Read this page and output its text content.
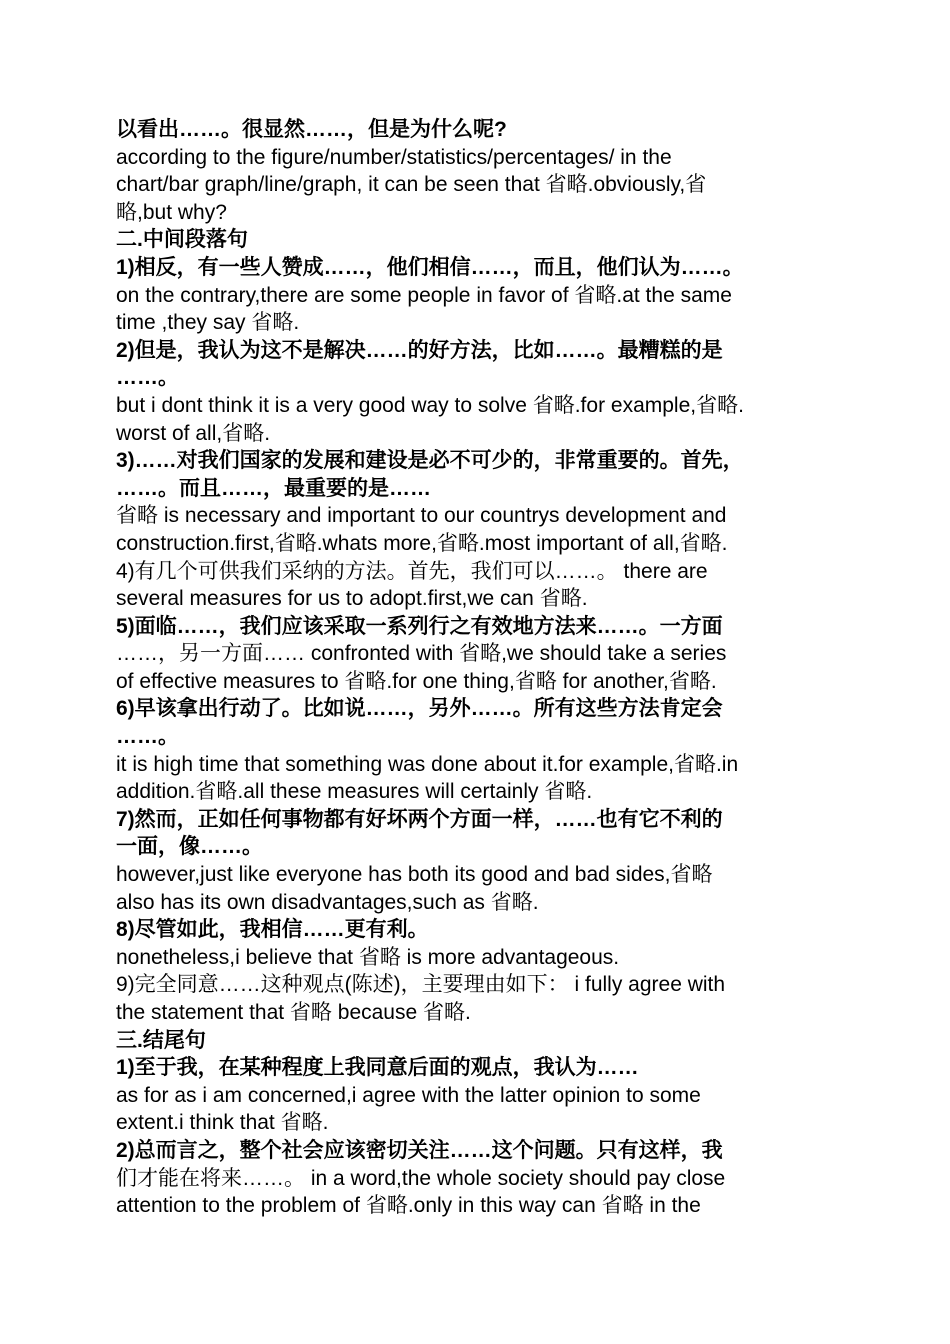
以看出……。很显然……，但是为什么呢?
according to the figure/number/statistics/percentages/ in the
chart/bar graph/line/graph, it can be seen that 省略.obviously,省
略,but why?
二.中间段落句
1)相反，有一些人赞成……，他们相信……，而且，他们认为……。
on the contrary,there are some people in favor of 省略.at the same
time ,they say 省略.
2)但是，我认为这不是解决……的好方法，比如……。最糟糕的是
……。
but i dont think it is a very good way to solve 省略.for example,省略.
worst of all,省略.
3)……对我们国家的发展和建设是必不可少的，非常重要的。首先，
……。而且……，最重要的是……
省略 is necessary and important to our countrys development and
construction.first,省略.whats more,省略.most important of all,省略.
4)有几个可供我们采纳的方法。首先，我们可以……。 there are
several measures for us to adopt.first,we can 省略.
5)面临……，我们应该采取一系列行之有效地方法来……。一方面
……，另一方面…… confronted with 省略,we should take a series
of effective measures to 省略.for one thing,省略 for another,省略.
6)早该拿出行动了。比如说……，另外……。所有这些方法肯定会
……。
it is high time that something was done about it.for example,省略.in
addition.省略.all these measures will certainly 省略.
7)然而，正如任何事物都有好坏两个方面一样，……也有它不利的
一面，像……。
however,just like everyone has both its good and bad sides,省略
also has its own disadvantages,such as 省略.
8)尽管如此，我相信……更有利。
nonetheless,i believe that 省略 is more advantageous.
9)完全同意……这种观点(陈述)，主要理由如下： i fully agree with
the statement that 省略 because 省略.
三.结尾句
1)至于我，在某种程度上我同意后面的观点，我认为……
as for as i am concerned,i agree with the latter opinion to some
extent.i think that 省略.
2)总而言之，整个社会应该密切关注……这个问题。只有这样，我
们才能在将来……。 in a word,the whole society should pay close
attention to the problem of 省略.only in this way can 省略 in the
